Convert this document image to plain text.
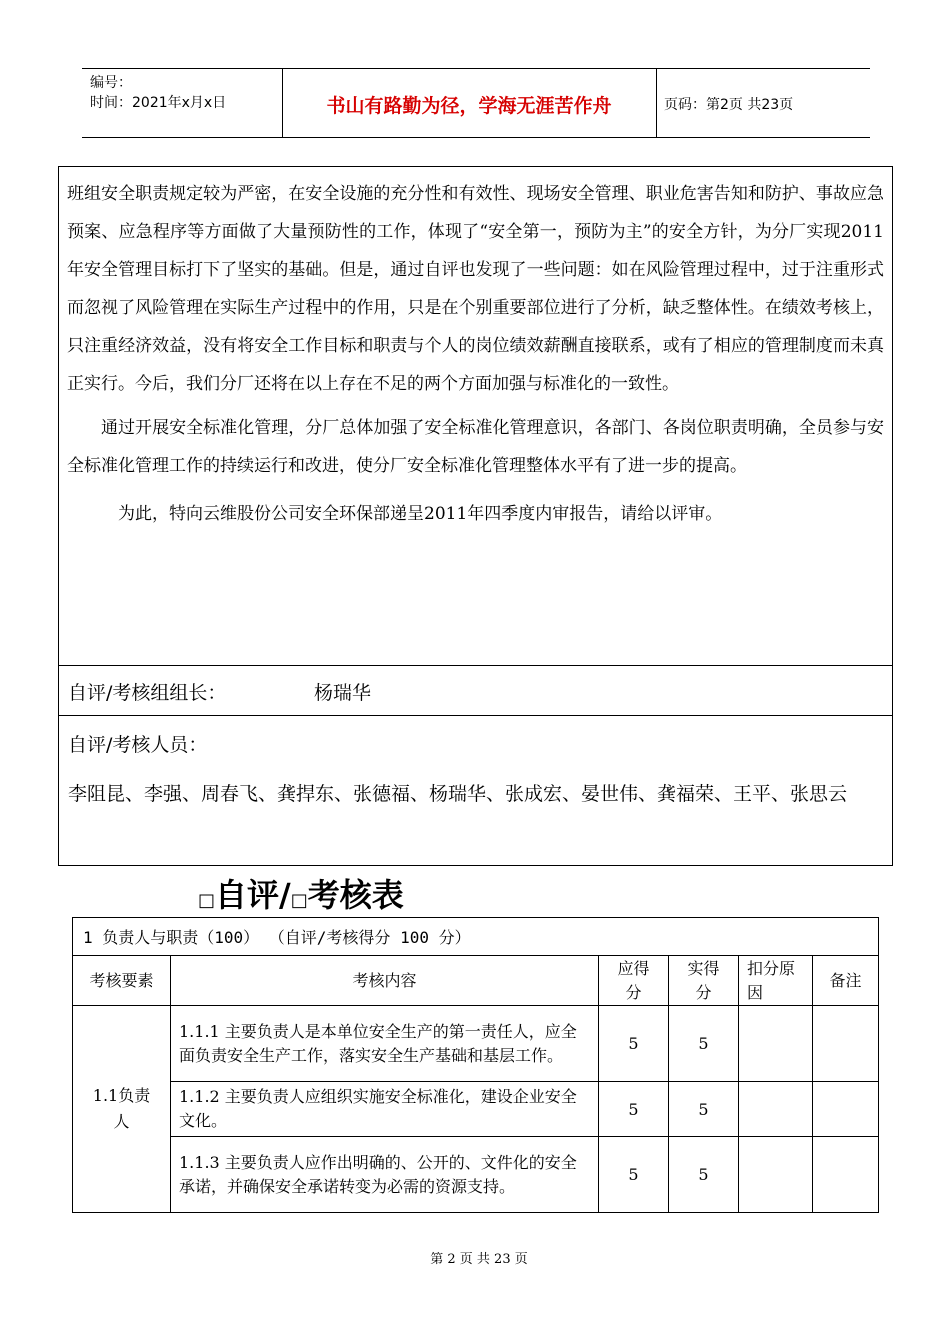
编号：
时间：2021年x月x日	书山有路勤为径，学海无涯苦作舟	页码：第2页 共23页

班组安全职责规定较为严密，在安全设施的充分性和有效性、现场安全管理、职业危害告知和防护、事故应急预案、应急程序等方面做了大量预防性的工作，体现了“安全第一，预防为主”的安全方针，为分厂实现2011年安全管理目标打下了坚实的基础。但是，通过自评也发现了一些问题：如在风险管理过程中，过于注重形式而忽视了风险管理在实际生产过程中的作用，只是在个别重要部位进行了分析，缺乏整体性。在绩效考核上，只注重经济效益，没有将安全工作目标和职责与个人的岗位绩效薪酬直接联系，或有了相应的管理制度而未真正实行。今后，我们分厂还将在以上存在不足的两个方面加强与标准化的一致性。

通过开展安全标准化管理，分厂总体加强了安全标准化管理意识，各部门、各岗位职责明确，全员参与安全标准化管理工作的持续运行和改进，使分厂安全标准化管理整体水平有了进一步的提高。

为此，特向云维股份公司安全环保部递呈2011年四季度内审报告，请给以评审。

自评/考核组组长：	杨瑞华
自评/考核人员：
李阻昆、李强、周春飞、龚捍东、张德福、杨瑞华、张成宏、晏世伟、龚福荣、王平、张思云
□自评/□考核表
1 负责人与职责（100） （自评/考核得分 100 分）					
考核要素	考核内容	应得分	实得分	扣分原因	备注
1.1负责人	1.1.1 主要负责人是本单位安全生产的第一责任人，应全面负责安全生产工作，落实安全生产基础和基层工作。	5	5		
	1.1.2 主要负责人应组织实施安全标准化，建设企业安全文化。	5	5		
	1.1.3 主要负责人应作出明确的、公开的、文件化的安全承诺，并确保安全承诺转变为必需的资源支持。	5	5		
第 2 页 共 23 页
